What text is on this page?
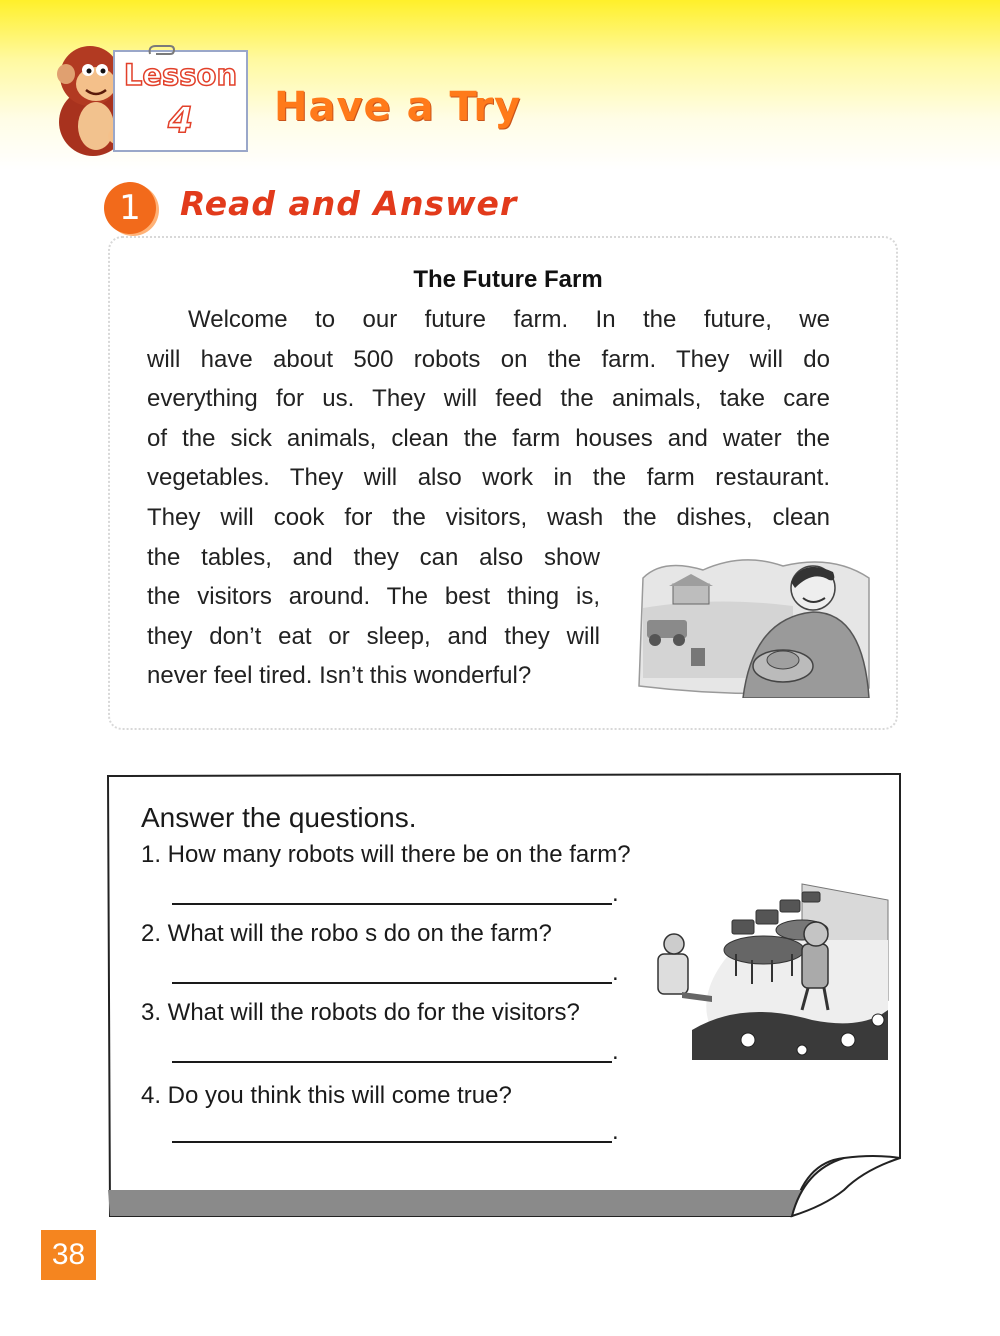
Lesson
4	Have a Try
1	Read and Answer
The Future Farm
Welcome to our future farm. In the future, we
will have about 500 robots on the farm. They will do
everything for us. They will feed the animals, take care
of the sick animals, clean the farm houses and water the
vegetables. They will also work in the farm restaurant.
They will cook for the visitors, wash the dishes, clean
the tables, and they can also show
the visitors around. The best thing is,
they don’t eat or sleep, and they will
never feel tired. Isn’t this wonderful?
Answer the questions.
1. How many robots will there be on the farm?
.
2. What will the robo s do on the farm?
.
3. What will the robots do for the visitors?
.
4. Do you think this will come true?
.
38
